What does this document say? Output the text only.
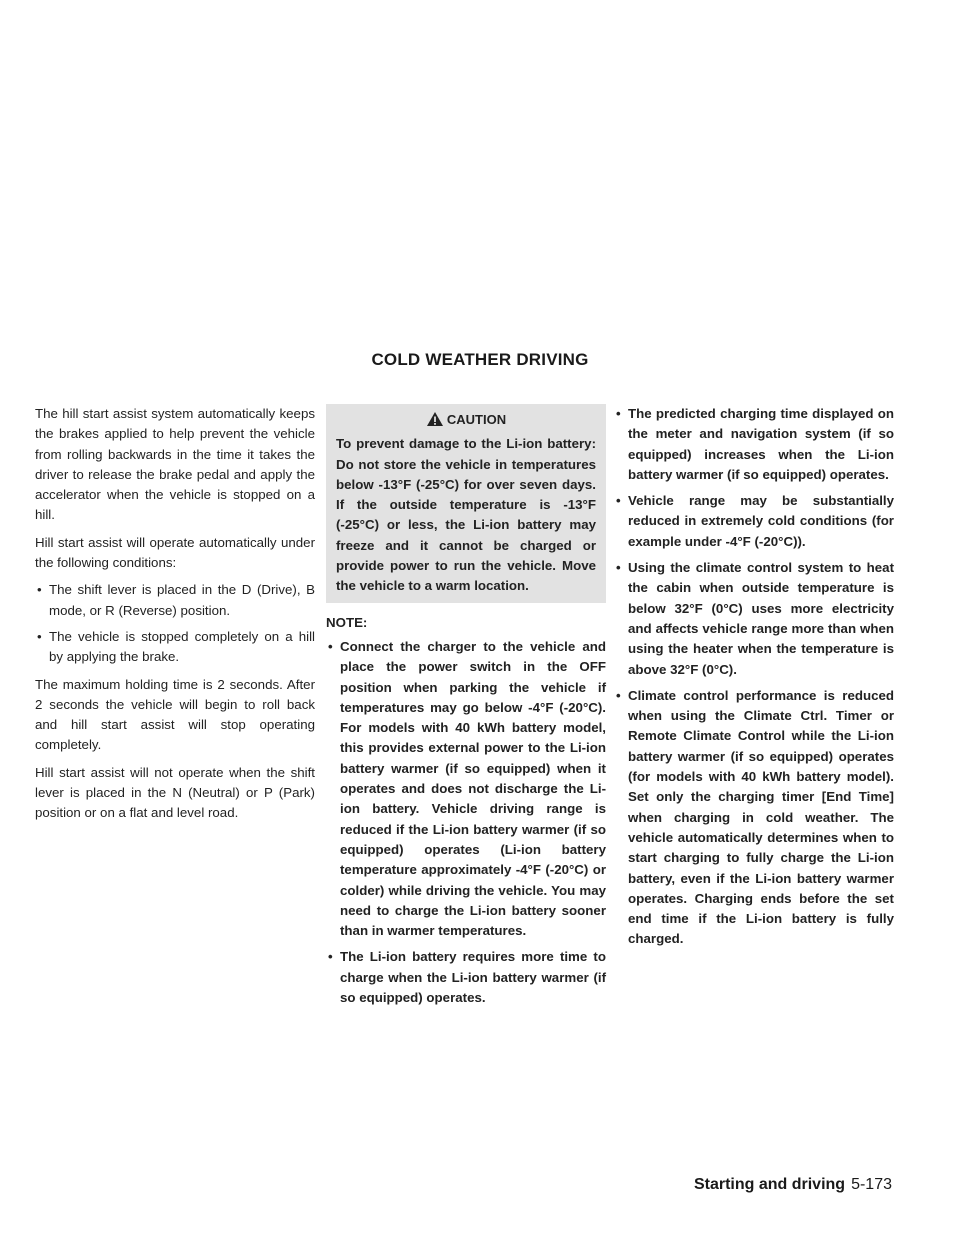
COLD WEATHER DRIVING

The hill start assist system automatically keeps the brakes applied to help prevent the vehicle from rolling backwards in the time it takes the driver to release the brake pedal and apply the accelerator when the vehicle is stopped on a hill.

Hill start assist will operate automatically under the following conditions:

• The shift lever is placed in the D (Drive), B mode, or R (Reverse) position.
• The vehicle is stopped completely on a hill by applying the brake.

The maximum holding time is 2 seconds. After 2 seconds the vehicle will begin to roll back and hill start assist will stop operating completely.

Hill start assist will not operate when the shift lever is placed in the N (Neutral) or P (Park) position or on a flat and level road.

CAUTION
To prevent damage to the Li-ion battery: Do not store the vehicle in temperatures below -13°F (-25°C) for over seven days. If the outside temperature is -13°F (-25°C) or less, the Li-ion battery may freeze and it cannot be charged or provide power to run the vehicle. Move the vehicle to a warm location.
NOTE:
• Connect the charger to the vehicle and place the power switch in the OFF position when parking the vehicle if temperatures may go below -4°F (-20°C). For models with 40 kWh battery model, this provides external power to the Li-ion battery warmer (if so equipped) when it operates and does not discharge the Li-ion battery. Vehicle driving range is reduced if the Li-ion battery warmer (if so equipped) operates (Li-ion battery temperature approximately -4°F (-20°C) or colder) while driving the vehicle. You may need to charge the Li-ion battery sooner than in warmer temperatures.
• The Li-ion battery requires more time to charge when the Li-ion battery warmer (if so equipped) operates.
• The predicted charging time displayed on the meter and navigation system (if so equipped) increases when the Li-ion battery warmer (if so equipped) operates.
• Vehicle range may be substantially reduced in extremely cold conditions (for example under -4°F (-20°C)).
• Using the climate control system to heat the cabin when outside temperature is below 32°F (0°C) uses more electricity and affects vehicle range more than when using the heater when the temperature is above 32°F (0°C).
• Climate control performance is reduced when using the Climate Ctrl. Timer or Remote Climate Control while the Li-ion battery warmer (if so equipped) operates (for models with 40 kWh battery model). Set only the charging timer [End Time] when charging in cold weather. The vehicle automatically determines when to start charging to fully charge the Li-ion battery, even if the Li-ion battery warmer operates. Charging ends before the set end time if the Li-ion battery is fully charged.
Starting and driving 5-173
